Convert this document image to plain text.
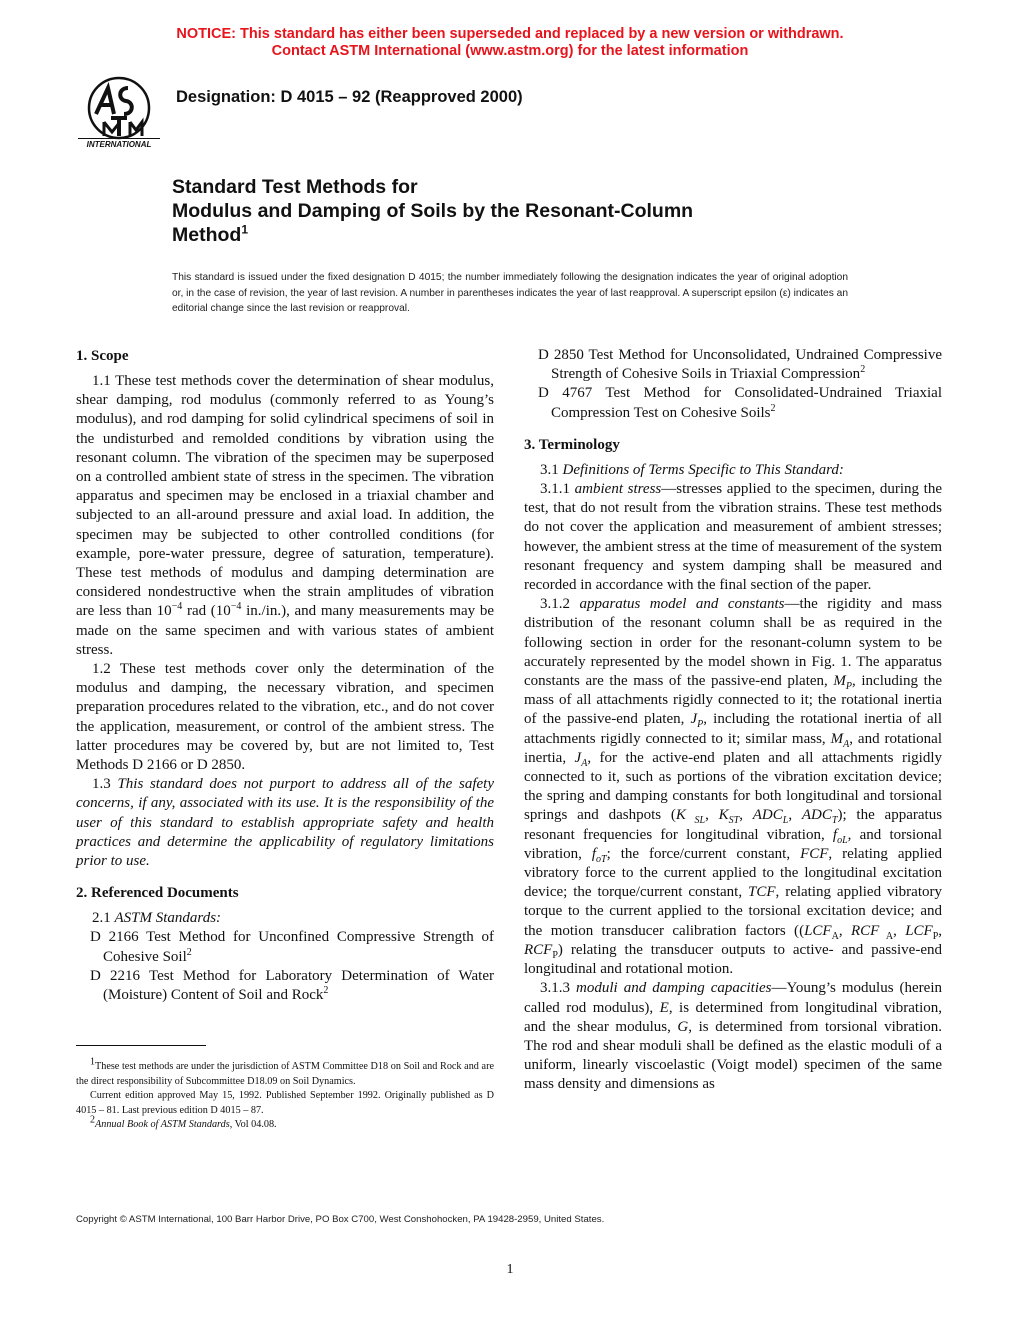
NOTICE: This standard has either been superseded and replaced by a new version or withdrawn.
Contact ASTM International (www.astm.org) for the latest information
INTERNATIONAL
Designation: D 4015 – 92 (Reapproved 2000)
Standard Test Methods for
Modulus and Damping of Soils by the Resonant-Column
Method$^1$
This standard is issued under the fixed designation D 4015; the number immediately following the designation indicates the year of original adoption or, in the case of revision, the year of last revision. A number in parentheses indicates the year of last reapproval. A superscript epsilon (ε) indicates an editorial change since the last revision or reapproval.
1. Scope

1.1 These test methods cover the determination of shear modulus, shear damping, rod modulus (commonly referred to as Young’s modulus), and rod damping for solid cylindrical specimens of soil in the undisturbed and remolded conditions by vibration using the resonant column. The vibration of the specimen may be superposed on a controlled ambient state of stress in the specimen. The vibration apparatus and specimen may be enclosed in a triaxial chamber and subjected to an all-around pressure and axial load. In addition, the specimen may be subjected to other controlled conditions (for example, pore-water pressure, degree of saturation, temperature). These test methods of modulus and damping determination are considered nondestructive when the strain amplitudes of vibration are less than $10^{-4}$ rad ($10^{-4}$ in./in.), and many measurements may be made on the same specimen and with various states of ambient stress.

1.2 These test methods cover only the determination of the modulus and damping, the necessary vibration, and specimen preparation procedures related to the vibration, etc., and do not cover the application, measurement, or control of the ambient stress. The latter procedures may be covered by, but are not limited to, Test Methods D 2166 or D 2850.

1.3 This standard does not purport to address all of the safety concerns, if any, associated with its use. It is the responsibility of the user of this standard to establish appropriate safety and health practices and determine the applicability of regulatory limitations prior to use.

2. Referenced Documents

2.1 ASTM Standards:

D 2166 Test Method for Unconfined Compressive Strength of Cohesive Soil$^2$

D 2216 Test Method for Laboratory Determination of Water (Moisture) Content of Soil and Rock$^2$

D 2850 Test Method for Unconsolidated, Undrained Compressive Strength of Cohesive Soils in Triaxial Compression$^2$

D 4767 Test Method for Consolidated-Undrained Triaxial Compression Test on Cohesive Soils$^2$

3. Terminology

3.1 Definitions of Terms Specific to This Standard:

3.1.1 ambient stress—stresses applied to the specimen, during the test, that do not result from the vibration strains. These test methods do not cover the application and measurement of ambient stresses; however, the ambient stress at the time of measurement of the system resonant frequency and system damping shall be measured and recorded in accordance with the final section of the paper.

3.1.2 apparatus model and constants—the rigidity and mass distribution of the resonant column shall be as required in the following section in order for the resonant-column system to be accurately represented by the model shown in Fig. 1. The apparatus constants are the mass of the passive-end platen, $M_P$, including the mass of all attachments rigidly connected to it; the rotational inertia of the passive-end platen, $J_P$, including the rotational inertia of all attachments rigidly connected to it; similar mass, $M_A$, and rotational inertia, $J_A$, for the active-end platen and all attachments rigidly connected to it, such as portions of the vibration excitation device; the spring and damping constants for both longitudinal and torsional springs and dashpots (K $_{SL}$, $K_{ST}$, $ADC_L$, $ADC_T$); the apparatus resonant frequencies for longitudinal vibration, $f_{oL}$, and torsional vibration, $f_{oT}$; the force/current constant, FCF, relating applied vibratory force to the current applied to the longitudinal excitation device; the torque/current constant, TCF, relating applied vibratory torque to the current applied to the torsional excitation device; and the motion transducer calibration factors (($LCF_A$, RCF $_A$, $LCF_P$, $RCF_P$) relating the transducer outputs to active- and passive-end longitudinal and rotational motion.

3.1.3 moduli and damping capacities—Young’s modulus (herein called rod modulus), E, is determined from longitudinal vibration, and the shear modulus, G, is determined from torsional vibration. The rod and shear moduli shall be defined as the elastic moduli of a uniform, linearly viscoelastic (Voigt model) specimen of the same mass density and dimensions as

$^1$These test methods are under the jurisdiction of ASTM Committee D18 on Soil and Rock and are the direct responsibility of Subcommittee D18.09 on Soil Dynamics.

Current edition approved May 15, 1992. Published September 1992. Originally published as D 4015 – 81. Last previous edition D 4015 – 87.

$^2$Annual Book of ASTM Standards, Vol 04.08.

Copyright © ASTM International, 100 Barr Harbor Drive, PO Box C700, West Conshohocken, PA 19428-2959, United States.
1
